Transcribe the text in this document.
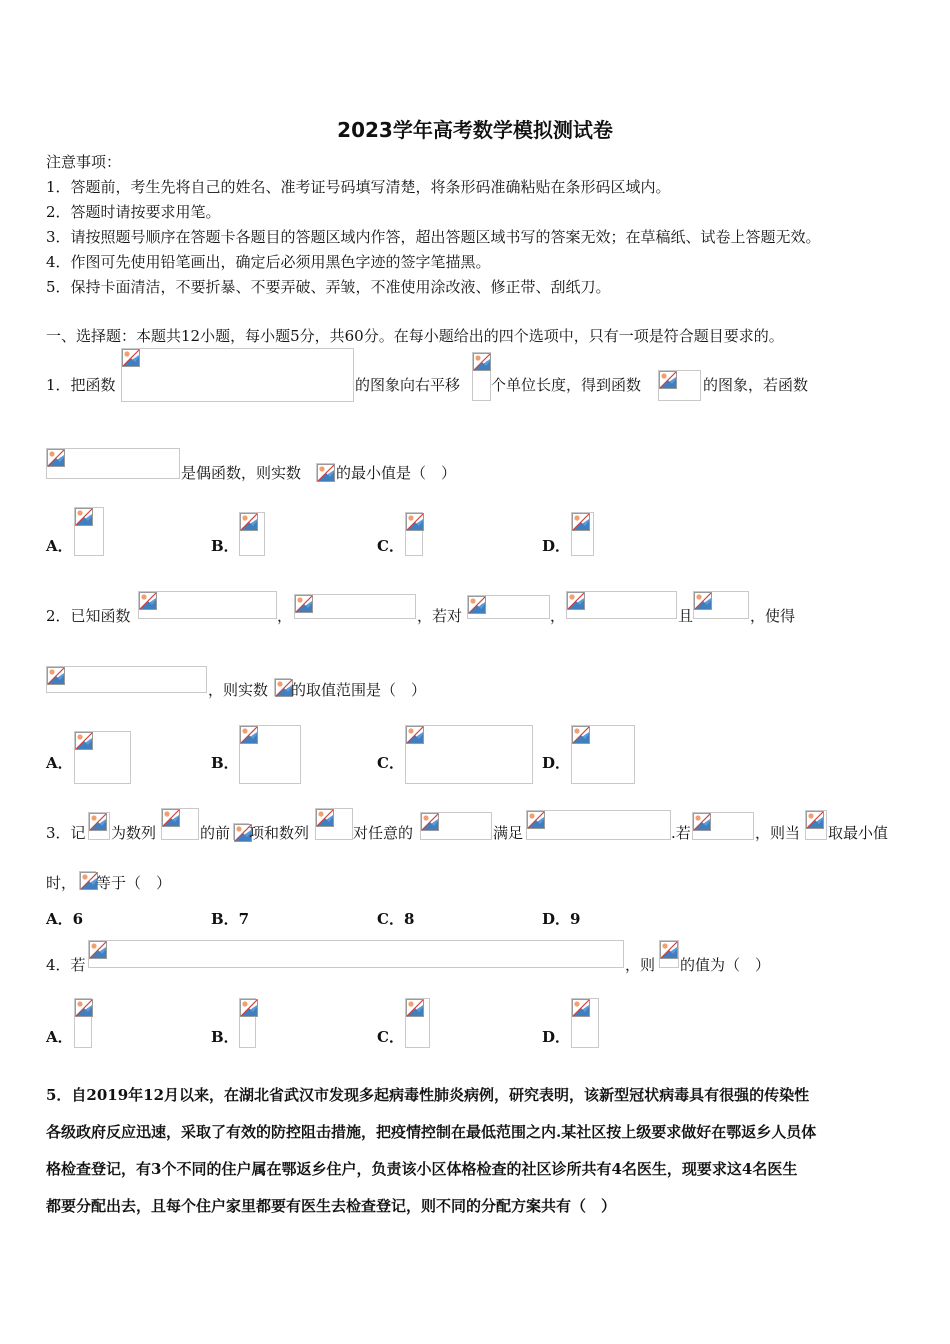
2023学年高考数学模拟测试卷
注意事项：
1．答题前，考生先将自己的姓名、准考证号码填写清楚，将条形码准确粘贴在条形码区域内。
2．答题时请按要求用笔。
3．请按照题号顺序在答题卡各题目的答题区域内作答，超出答题区域书写的答案无效；在草稿纸、试卷上答题无效。
4．作图可先使用铅笔画出，确定后必须用黑色字迹的签字笔描黑。
5．保持卡面清洁，不要折暴、不要弄破、弄皱，不准使用涂改液、修正带、刮纸刀。
一、选择题：本题共12小题，每小题5分，共60分。在每小题给出的四个选项中，只有一项是符合题目要求的。
1．把函数	的图象向右平移 个单位长度，得到函数	的图象，若函数
是偶函数，则实数 的最小值是（　）
A．	B．	C．	D．
2．已知函数	，	，若对	，	且	，使得
，则实数 的取值范围是（　）
A．	B．	C．	D．
3．记 为数列	的前 项和数列	对任意的	满足	.若	，则当 取最小值
时， 等于（　）
A．6	B．7	C．8	D．9
4．若	，则 的值为（　）
A．	B．	C．	D．
5．自2019年12月以来，在湖北省武汉市发现多起病毒性肺炎病例，研究表明，该新型冠状病毒具有很强的传染性
各级政府反应迅速，采取了有效的防控阻击措施，把疫情控制在最低范围之内.某社区按上级要求做好在鄂返乡人员体
格检查登记，有3个不同的住户属在鄂返乡住户，负责该小区体格检查的社区诊所共有4名医生，现要求这4名医生
都要分配出去，且每个住户家里都要有医生去检查登记，则不同的分配方案共有（　）
